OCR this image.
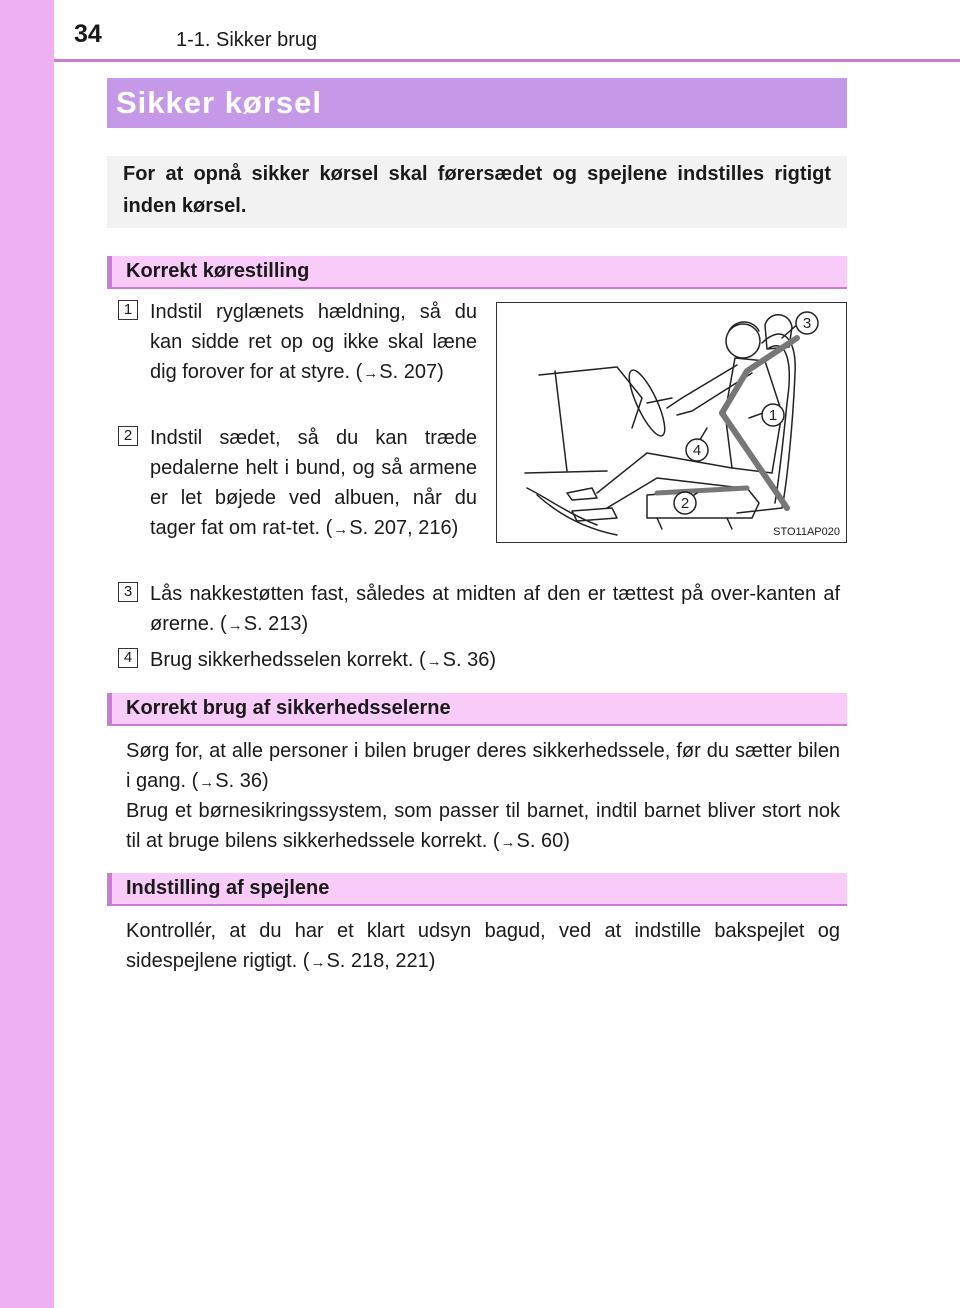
34	1-1. Sikker brug
Sikker kørsel
For at opnå sikker kørsel skal førersædet og spejlene indstilles rigtigt inden kørsel.
Korrekt kørestilling
1 Indstil ryglænets hældning, så du kan sidde ret op og ikke skal læne dig forover for at styre. (→S. 207)
2 Indstil sædet, så du kan træde pedalerne helt i bund, og så armene er let bøjede ved albuen, når du tager fat om rat-tet. (→S. 207, 216)
3
1
4
2
STO11AP020
3 Lås nakkestøtten fast, således at midten af den er tættest på over-kanten af ørerne. (→S. 213)
4 Brug sikkerhedsselen korrekt. (→S. 36)
Korrekt brug af sikkerhedsselerne
Sørg for, at alle personer i bilen bruger deres sikkerhedssele, før du sætter bilen i gang. (→S. 36)
Brug et børnesikringssystem, som passer til barnet, indtil barnet bliver stort nok til at bruge bilens sikkerhedssele korrekt. (→S. 60)
Indstilling af spejlene
Kontrollér, at du har et klart udsyn bagud, ved at indstille bakspejlet og sidespejlene rigtigt. (→S. 218, 221)
